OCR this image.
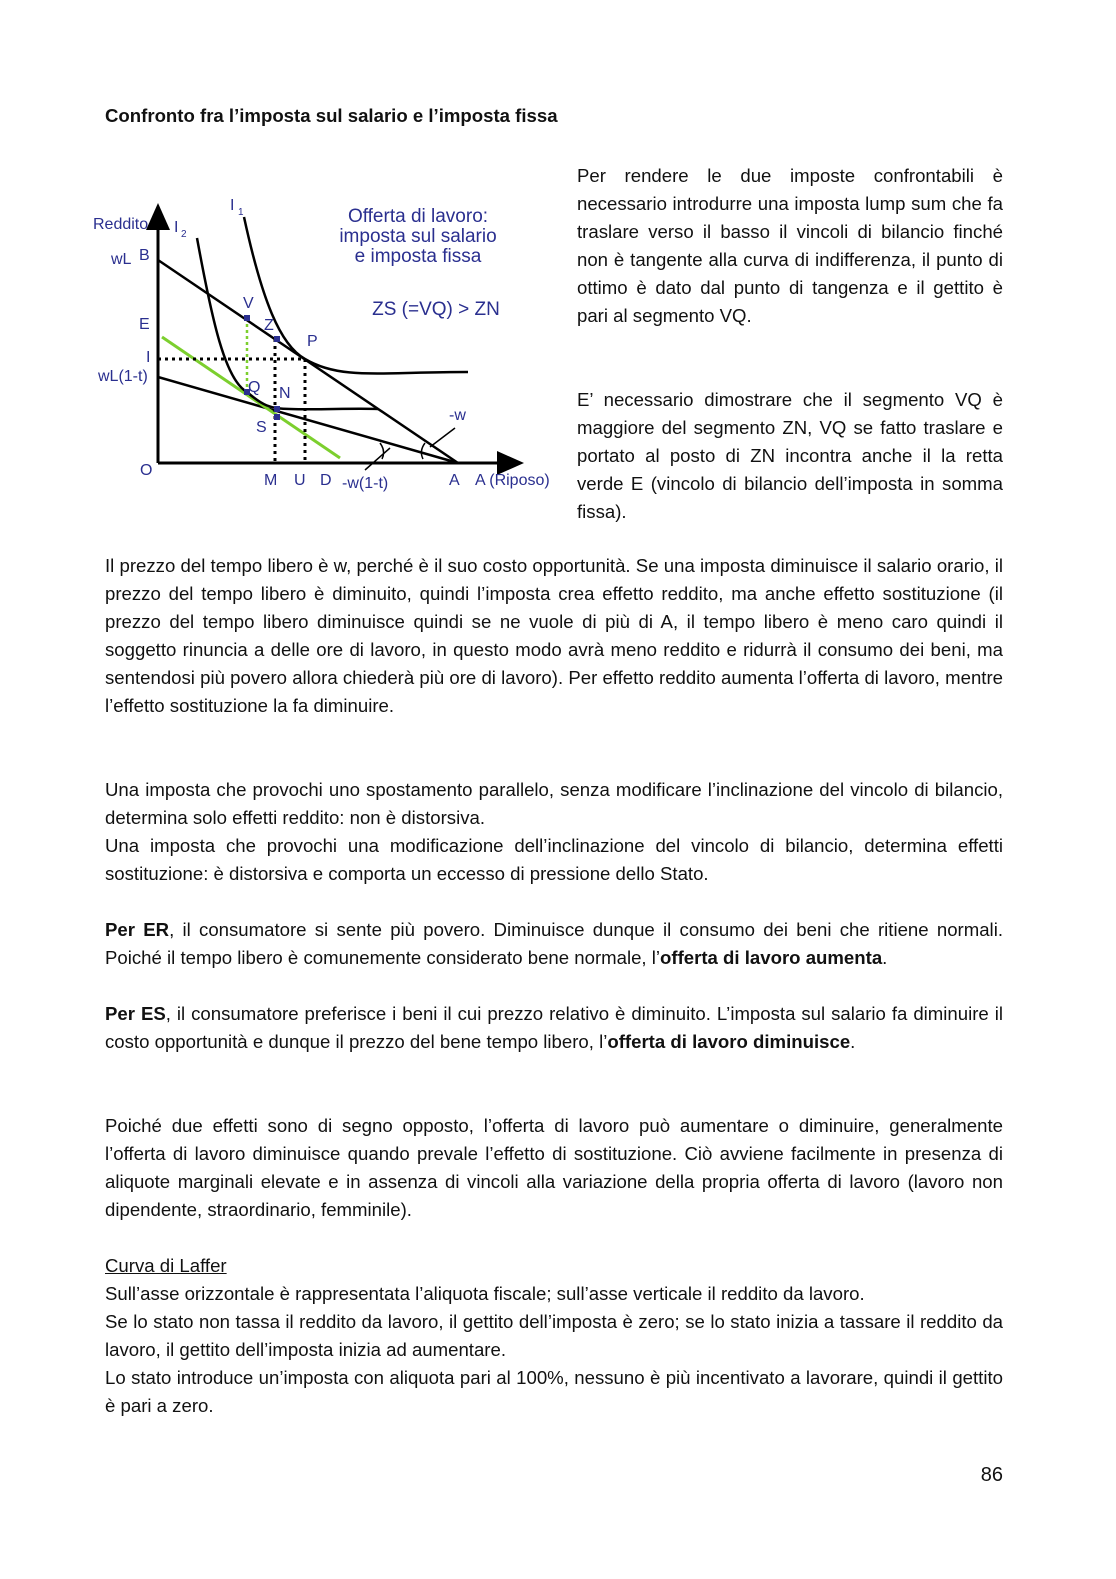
Confronto fra l’imposta sul salario e l’imposta fissa
Reddito
wL B
E
I
wL(1-t)
O
M U D -w(1-t)	A A (Riposo)
-w
V
Z
P
Q N
S
I 1
I 2
Offerta di lavoro:
imposta sul salario
e imposta fissa
ZS (=VQ) > ZN
Per rendere le due imposte confrontabili è necessario introdurre una imposta lump sum che fa traslare verso il basso il vincoli di bilancio finché non è tangente alla curva di indifferenza, il punto di ottimo è dato dal punto di tangenza e il gettito è pari al segmento VQ.
E’ necessario dimostrare che il segmento VQ è maggiore del segmento ZN, VQ se fatto traslare e portato al posto di ZN incontra anche il la retta verde E (vincolo di bilancio dell’imposta in somma fissa).
Il prezzo del tempo libero è w, perché è il suo costo opportunità. Se una imposta diminuisce il salario orario, il prezzo del tempo libero è diminuito, quindi l’imposta crea effetto reddito, ma anche effetto sostituzione (il prezzo del tempo libero diminuisce quindi se ne vuole di più di A, il tempo libero è meno caro quindi il soggetto rinuncia a delle ore di lavoro, in questo modo avrà meno reddito e ridurrà il consumo dei beni, ma sentendosi più povero allora chiederà più ore di lavoro). Per effetto reddito aumenta l’offerta di lavoro, mentre l’effetto sostituzione la fa diminuire.
Una imposta che provochi uno spostamento parallelo, senza modificare l’inclinazione del vincolo di bilancio, determina solo effetti reddito: non è distorsiva.
Una imposta che provochi una modificazione dell’inclinazione del vincolo di bilancio, determina effetti sostituzione: è distorsiva e comporta un eccesso di pressione dello Stato.
Per ER, il consumatore si sente più povero. Diminuisce dunque il consumo dei beni che ritiene normali. Poiché il tempo libero è comunemente considerato bene normale, l’offerta di lavoro aumenta.
Per ES, il consumatore preferisce i beni il cui prezzo relativo è diminuito. L’imposta sul salario fa diminuire il costo opportunità e dunque il prezzo del bene tempo libero, l’offerta di lavoro diminuisce.
Poiché due effetti sono di segno opposto, l’offerta di lavoro può aumentare o diminuire, generalmente l’offerta di lavoro diminuisce quando prevale l’effetto di sostituzione. Ciò avviene facilmente in presenza di aliquote marginali elevate e in assenza di vincoli alla variazione della propria offerta di lavoro (lavoro non dipendente, straordinario, femminile).
Curva di Laffer
Sull’asse orizzontale è rappresentata l’aliquota fiscale; sull’asse verticale il reddito da lavoro.
Se lo stato non tassa il reddito da lavoro, il gettito dell’imposta è zero; se lo stato inizia a tassare il reddito da lavoro, il gettito dell’imposta inizia ad aumentare.
Lo stato introduce un’imposta con aliquota pari al 100%, nessuno è più incentivato a lavorare, quindi il gettito è pari a zero.
86
